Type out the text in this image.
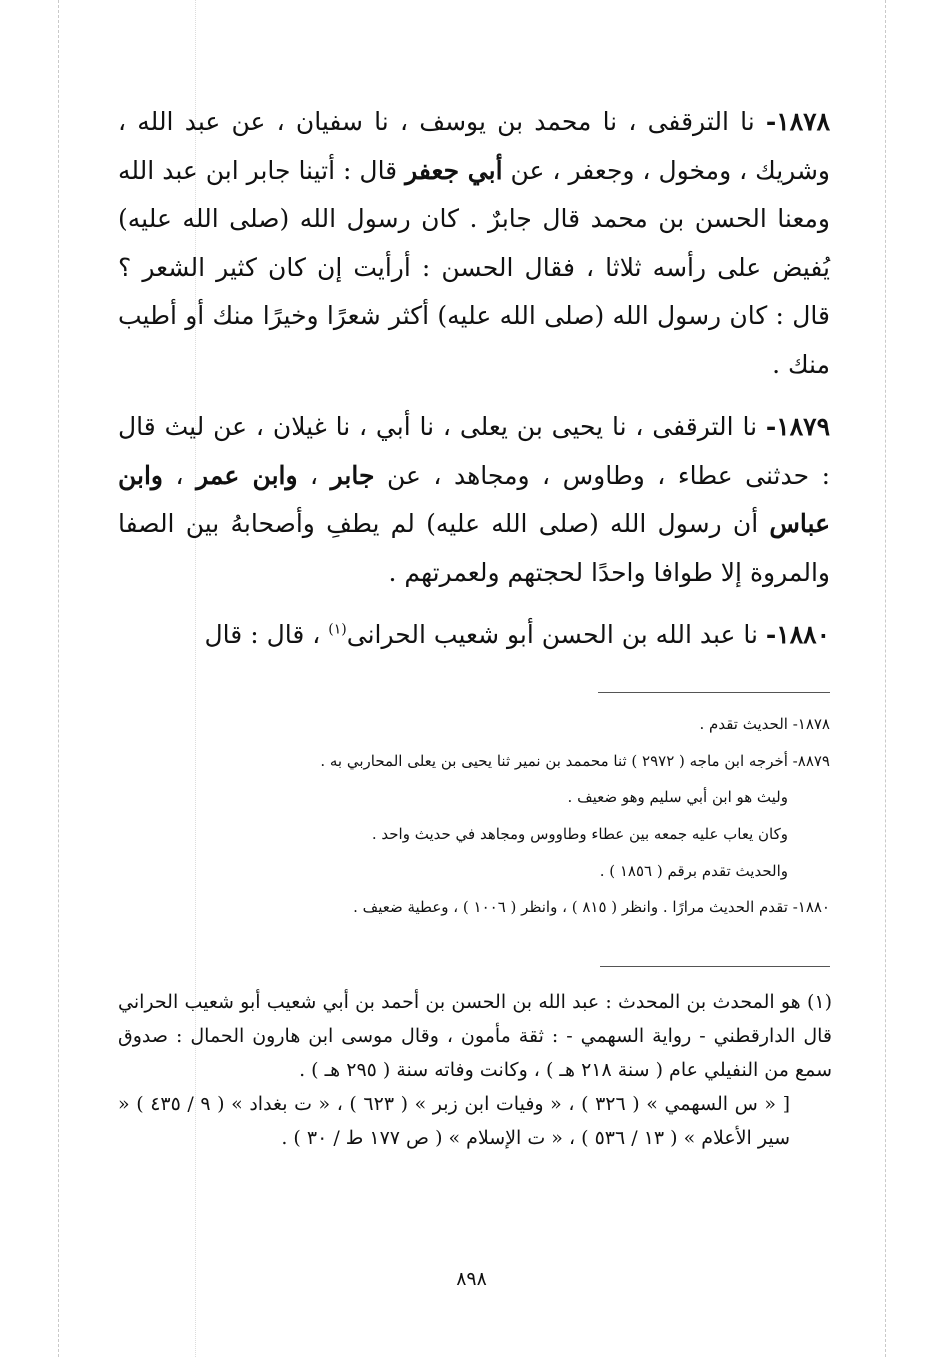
١٨٧٨- نا الترقفى ، نا محمد بن يوسف ، نا سفيان ، عن عبد الله ، وشريك ، ومخول ، وجعفر ، عن أبي جعفر قال : أتينا جابر ابن عبد الله ومعنا الحسن بن محمد قال جابرٌ . كان رسول الله (صلى الله عليه) يُفيض على رأسه ثلاثا ، فقال الحسن : أرأيت إن كان كثير الشعر ؟ قال : كان رسول الله (صلى الله عليه) أكثر شعرًا وخيرًا منك أو أطيب منك .

١٨٧٩- نا الترقفى ، نا يحيى بن يعلى ، نا أبي ، نا غيلان ، عن ليث قال : حدثنى عطاء ، وطاوس ، ومجاهد ، عن جابر ، وابن عمر ، وابن عباس أن رسول الله (صلى الله عليه) لم يطفِ وأصحابهُ بين الصفا والمروة إلا طوافا واحدًا لحجتهم ولعمرتهم .

١٨٨٠- نا عبد الله بن الحسن أبو شعيب الحرانى$^{(١)}$ ، قال : قال

١٨٧٨- الحديث تقدم .
٨٨٧٩- أخرجه ابن ماجه ( ٢٩٧٢ ) ثنا محممد بن نمير ثنا يحيى بن يعلى المحاربي به .
وليث هو ابن أبي سليم وهو ضعيف .
وكان يعاب عليه جمعه بين عطاء وطاووس ومجاهد في حديث واحد .
والحديث تقدم برقم ( ١٨٥٦ ) .
١٨٨٠- تقدم الحديث مرارًا . وانظر ( ٨١٥ ) ، وانظر ( ١٠٠٦ ) ، وعطية ضعيف .
(١) هو المحدث بن المحدث : عبد الله بن الحسن بن أحمد بن أبي شعيب أبو شعيب الحراني قال الدارقطني - رواية السهمي - : ثقة مأمون ، وقال موسى ابن هارون الحمال : صدوق سمع من النفيلي عام ( سنة ٢١٨ هـ ) ، وكانت وفاته سنة ( ٢٩٥ هـ ) .
[ « س السهمي » ( ٣٢٦ ) ، « وفيات ابن زبر » ( ٦٢٣ ) ، « ت بغداد » ( ٩ / ٤٣٥ ) « سير الأعلام » ( ١٣ / ٥٣٦ ) ، « ت الإسلام » ( ص ١٧٧ ط / ٣٠ ) .
٨٩٨
